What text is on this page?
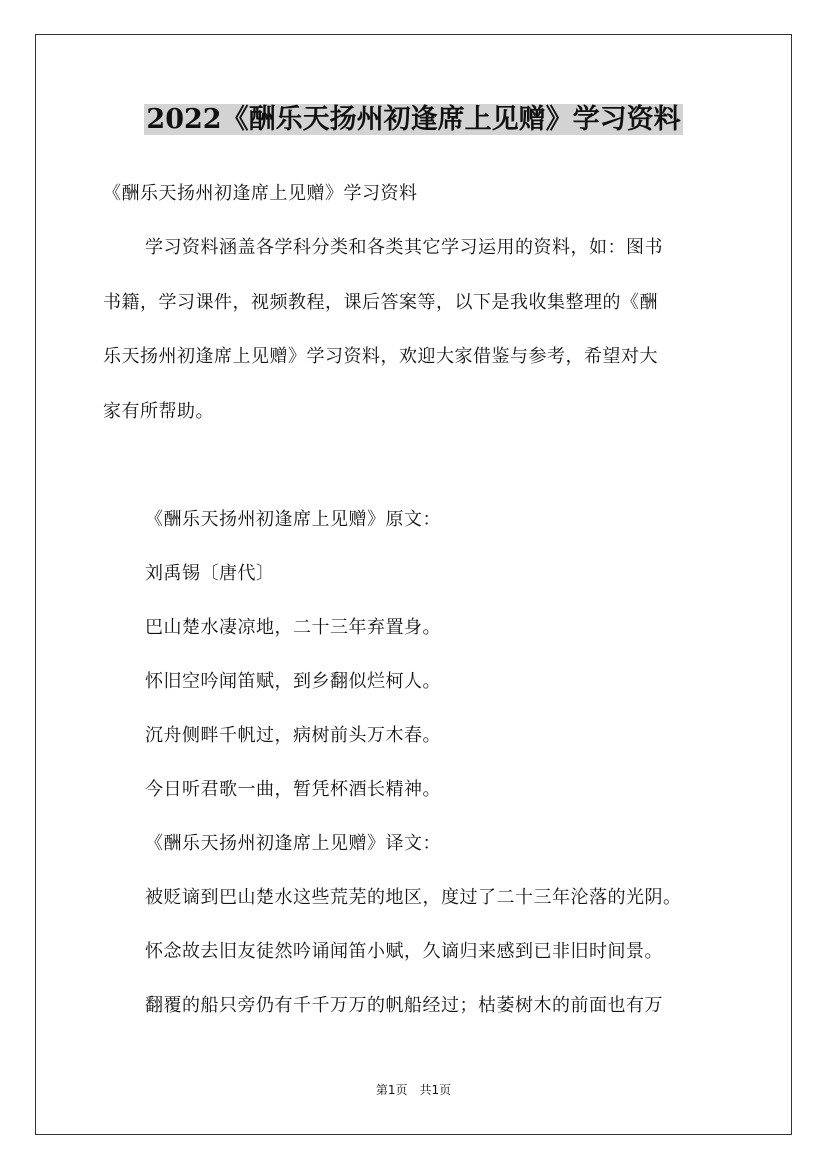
2022《酬乐天扬州初逢席上见赠》学习资料
《酬乐天扬州初逢席上见赠》学习资料
学习资料涵盖各学科分类和各类其它学习运用的资料，如：图书
书籍，学习课件，视频教程，课后答案等，以下是我收集整理的《酬
乐天扬州初逢席上见赠》学习资料，欢迎大家借鉴与参考，希望对大
家有所帮助。
《酬乐天扬州初逢席上见赠》原文：
刘禹锡〔唐代〕
巴山楚水凄凉地，二十三年弃置身。
怀旧空吟闻笛赋，到乡翻似烂柯人。
沉舟侧畔千帆过，病树前头万木春。
今日听君歌一曲，暂凭杯酒长精神。
《酬乐天扬州初逢席上见赠》译文：
被贬谪到巴山楚水这些荒芜的地区，度过了二十三年沦落的光阴。
怀念故去旧友徒然吟诵闻笛小赋，久谪归来感到已非旧时间景。
翻覆的船只旁仍有千千万万的帆船经过；枯萎树木的前面也有万
第1页　共1页
